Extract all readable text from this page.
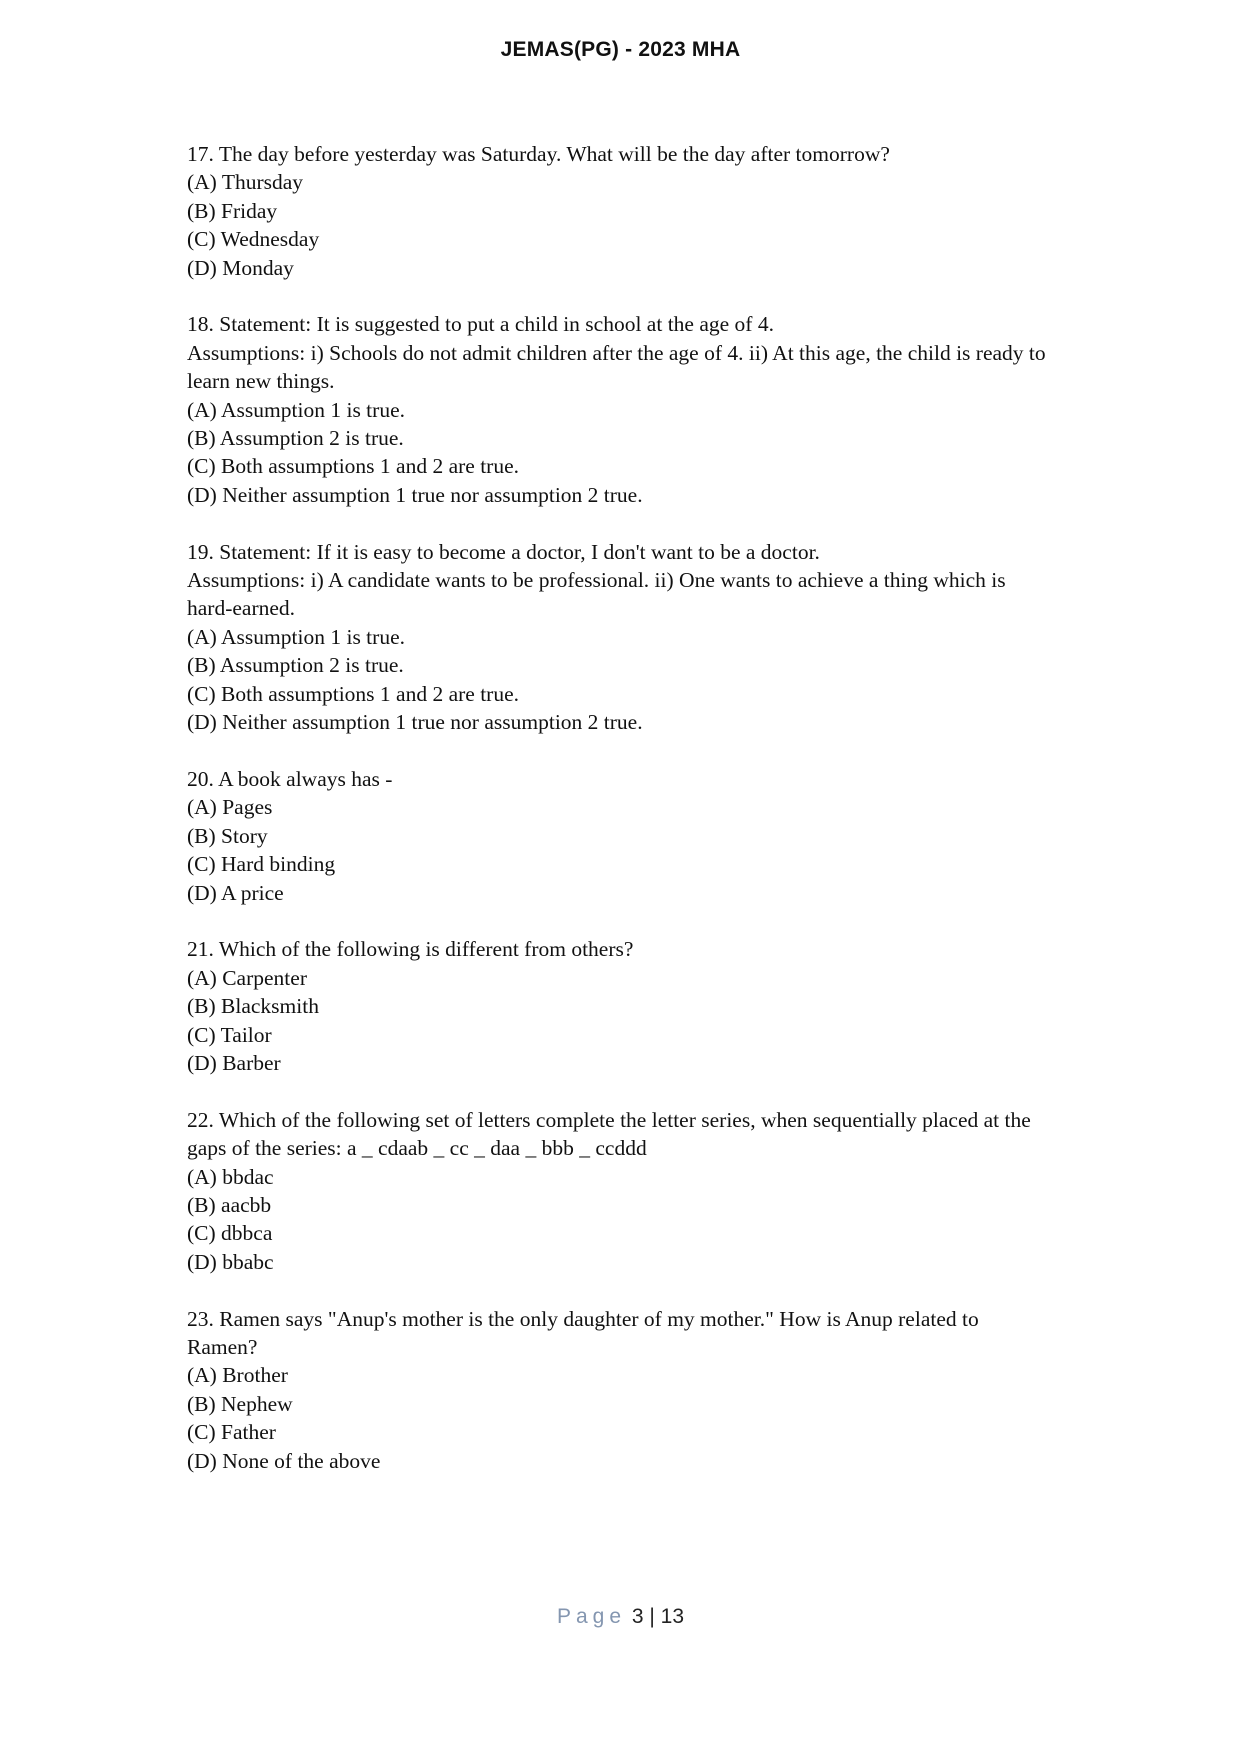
JEMAS(PG) - 2023 MHA

17. The day before yesterday was Saturday. What will be the day after tomorrow?

(A) Thursday

(B) Friday

(C) Wednesday

(D) Monday

18. Statement: It is suggested to put a child in school at the age of 4.

Assumptions: i) Schools do not admit children after the age of 4. ii) At this age, the child is ready to

learn new things.

(A) Assumption 1 is true.

(B) Assumption 2 is true.

(C) Both assumptions 1 and 2 are true.

(D) Neither assumption 1 true nor assumption 2 true.

19. Statement: If it is easy to become a doctor, I don't want to be a doctor.

Assumptions: i) A candidate wants to be professional. ii) One wants to achieve a thing which is

hard-earned.

(A) Assumption 1 is true.

(B) Assumption 2 is true.

(C) Both assumptions 1 and 2 are true.

(D) Neither assumption 1 true nor assumption 2 true.

20. A book always has -

(A) Pages

(B) Story

(C) Hard binding

(D) A price

21. Which of the following is different from others?

(A) Carpenter

(B) Blacksmith

(C) Tailor

(D) Barber

22. Which of the following set of letters complete the letter series, when sequentially placed at the

gaps of the series: a _ cdaab _ cc _ daa _ bbb _ ccddd

(A) bbdac

(B) aacbb

(C) dbbca

(D) bbabc

23. Ramen says "Anup's mother is the only daughter of my mother." How is Anup related to

Ramen?

(A) Brother

(B) Nephew

(C) Father

(D) None of the above

Page 3 | 13
